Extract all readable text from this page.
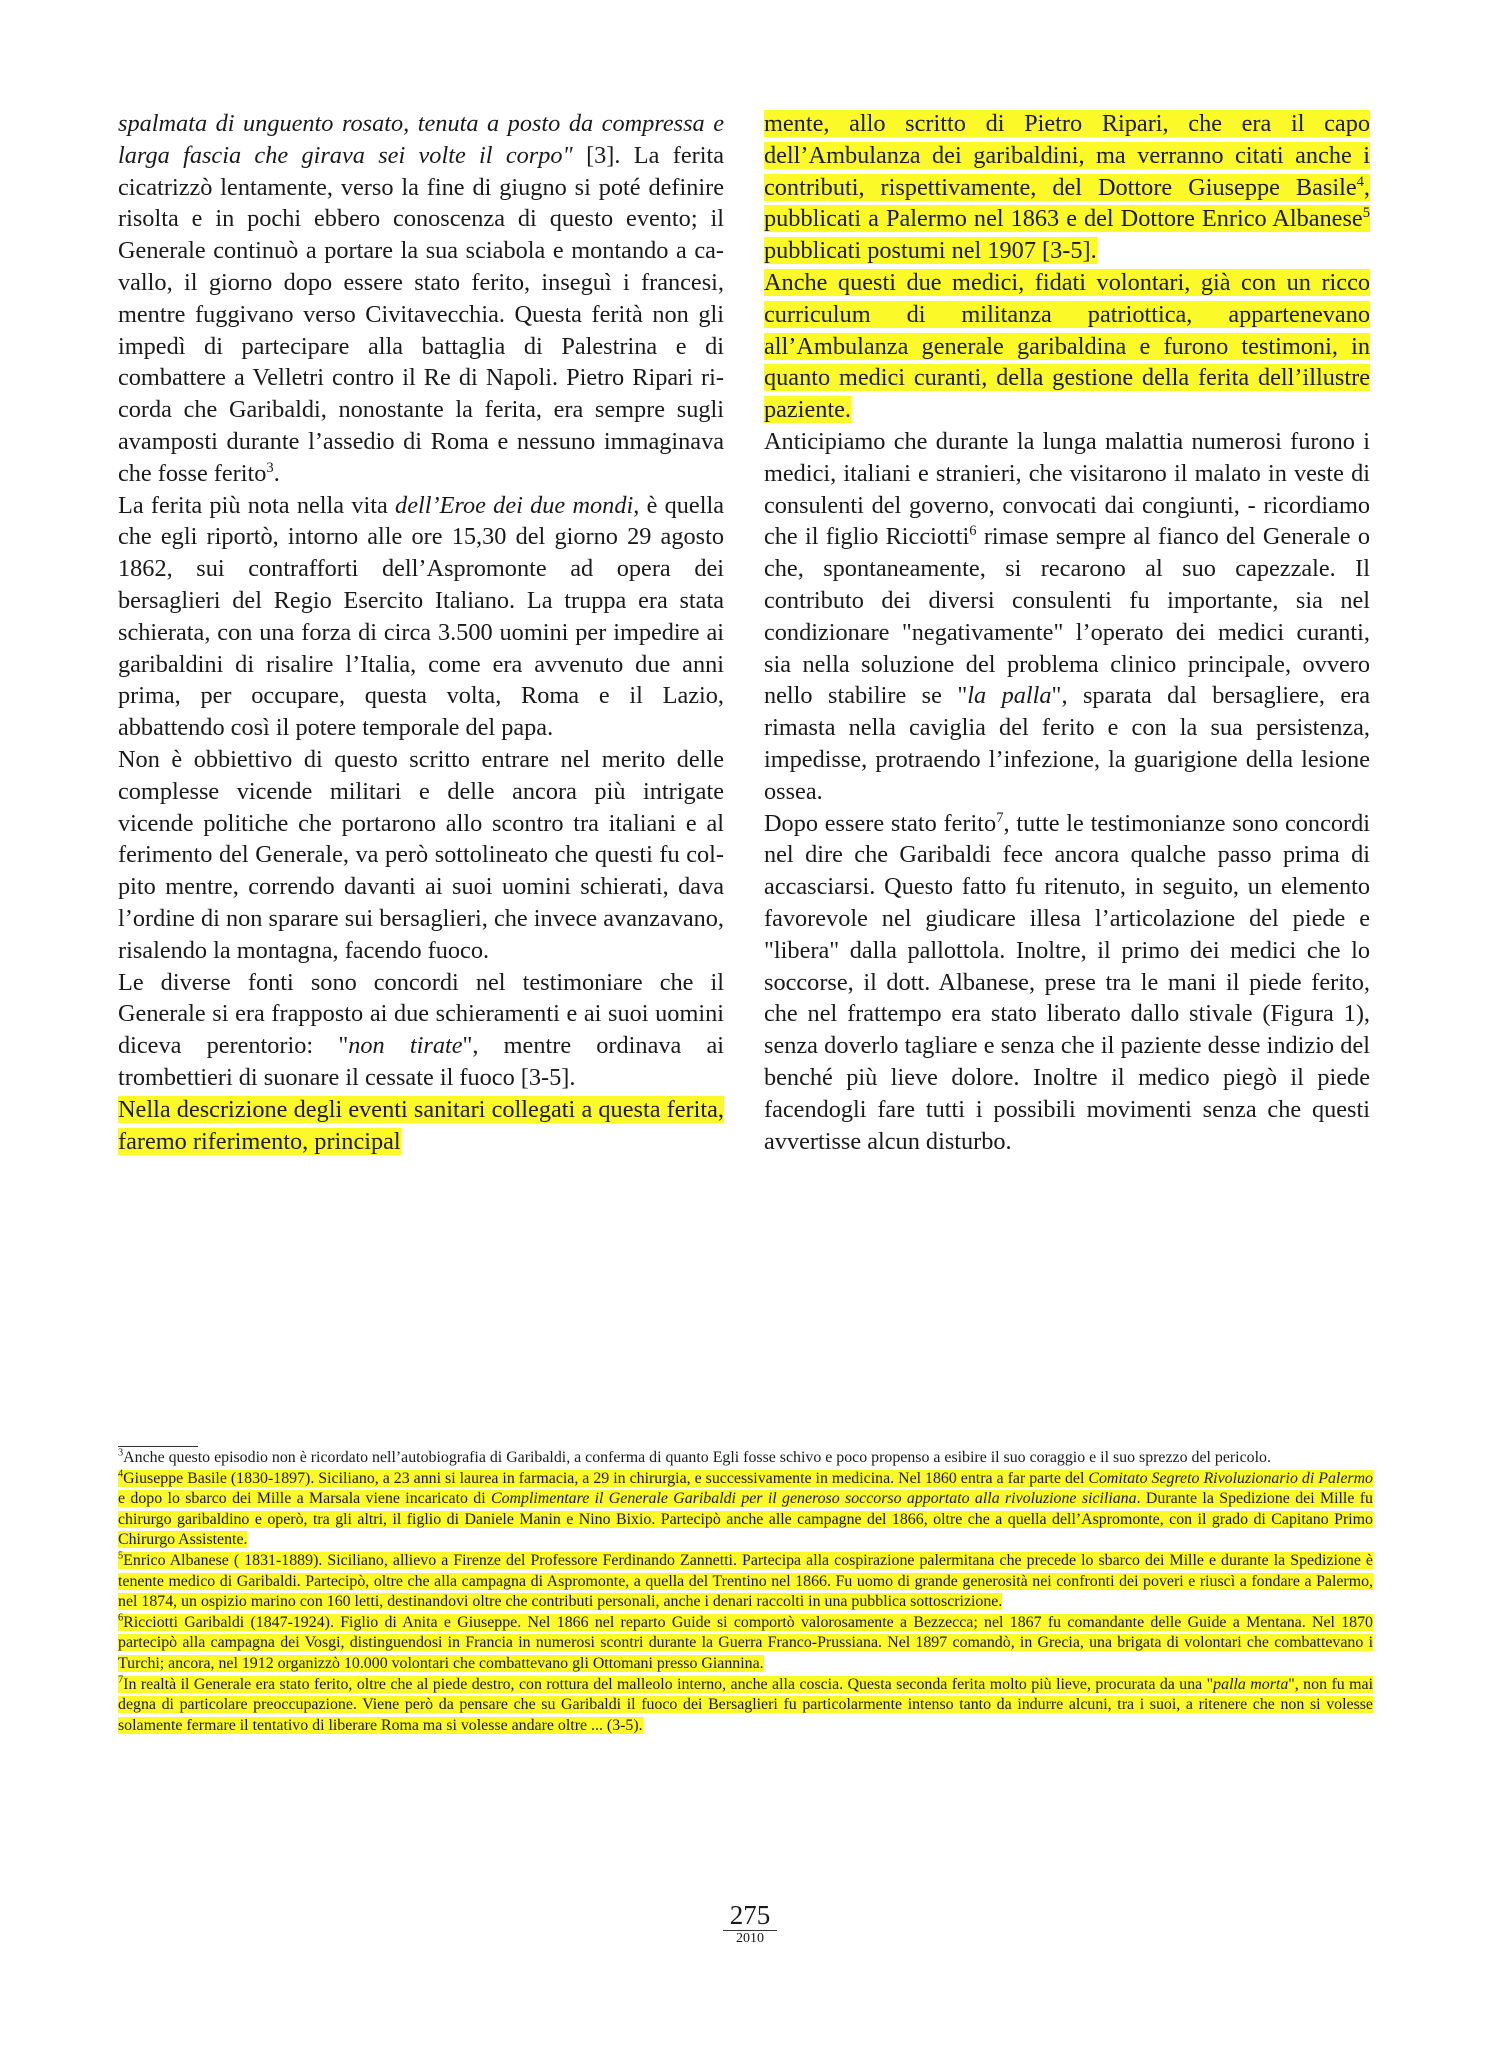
spalmata di unguento rosato, tenuta a posto da compressa e larga fascia che girava sei volte il corpo" [3]. La ferita cicatrizzò lentamente, verso la fine di giugno si poté definire risolta e in pochi ebbero conoscenza di questo evento; il Generale continuò a portare la sua sciabola e montando a cavallo, il giorno dopo essere stato ferito, inseguì i francesi, mentre fuggivano verso Civitavecchia. Questa ferità non gli impedì di partecipare alla battaglia di Palestrina e di combattere a Velletri contro il Re di Napoli. Pietro Ripari ricorda che Garibaldi, nonostante la ferita, era sempre sugli avamposti durante l’assedio di Roma e nessuno immaginava che fosse ferito$^3$.

La ferita più nota nella vita dell’Eroe dei due mondi, è quella che egli riportò, intorno alle ore 15,30 del giorno 29 agosto 1862, sui contrafforti dell’Aspromonte ad opera dei bersaglieri del Regio Esercito Italiano. La truppa era stata schierata, con una forza di circa 3.500 uomini per impedire ai garibaldini di risalire l’Italia, come era avvenuto due anni prima, per occupare, questa volta, Roma e il Lazio, abbattendo così il potere temporale del papa.

Non è obbiettivo di questo scritto entrare nel merito delle complesse vicende militari e delle ancora più intrigate vicende politiche che portarono allo scontro tra italiani e al ferimento del Generale, va però sottolineato che questi fu colpito mentre, correndo davanti ai suoi uomini schierati, dava l’ordine di non sparare sui bersaglieri, che invece avanzavano, risalendo la montagna, facendo fuoco.

Le diverse fonti sono concordi nel testimoniare che il Generale si era frapposto ai due schieramenti e ai suoi uomini diceva perentorio: "non tirate", mentre ordinava ai trombettieri di suonare il cessate il fuoco [3-5].

Nella descrizione degli eventi sanitari collegati a questa ferita, faremo riferimento, principal

mente, allo scritto di Pietro Ripari, che era il capo dell’Ambulanza dei garibaldini, ma verranno citati anche i contributi, rispettivamente, del Dottore Giuseppe Basile$^4$, pubblicati a Palermo nel 1863 e del Dottore Enrico Albanese$^5$ pubblicati postumi nel 1907 [3-5].

Anche questi due medici, fidati volontari, già con un ricco curriculum di militanza patriottica, appartenevano all’Ambulanza generale garibaldina e furono testimoni, in quanto medici curanti, della gestione della ferita dell’illustre paziente.

Anticipiamo che durante la lunga malattia numerosi furono i medici, italiani e stranieri, che visitarono il malato in veste di consulenti del governo, convocati dai congiunti, - ricordiamo che il figlio Ricciotti$^6$ rimase sempre al fianco del Generale o che, spontaneamente, si recarono al suo capezzale. Il contributo dei diversi consulenti fu importante, sia nel condizionare "negativamente" l’operato dei medici curanti, sia nella soluzione del problema clinico principale, ovvero nello stabilire se "la palla", sparata dal bersagliere, era rimasta nella caviglia del ferito e con la sua persistenza, impedisse, protraendo l’infezione, la guarigione della lesione ossea.

Dopo essere stato ferito$^7$, tutte le testimonianze sono concordi nel dire che Garibaldi fece ancora qualche passo prima di accasciarsi. Questo fatto fu ritenuto, in seguito, un elemento favorevole nel giudicare illesa l’articolazione del piede e "libera" dalla pallottola. Inoltre, il primo dei medici che lo soccorse, il dott. Albanese, prese tra le mani il piede ferito, che nel frattempo era stato liberato dallo stivale (Figura 1), senza doverlo tagliare e senza che il paziente desse indizio del benché più lieve dolore. Inoltre il medico piegò il piede facendogli fare tutti i possibili movimenti senza che questi avvertisse alcun disturbo.

$^3$Anche questo episodio non è ricordato nell’autobiografia di Garibaldi, a conferma di quanto Egli fosse schivo e poco propenso a esibire il suo coraggio e il suo sprezzo del pericolo.

$^4$Giuseppe Basile (1830-1897). Siciliano, a 23 anni si laurea in farmacia, a 29 in chirurgia, e successivamente in medicina. Nel 1860 entra a far parte del Comitato Segreto Rivoluzionario di Palermo e dopo lo sbarco dei Mille a Marsala viene incaricato di Complimentare il Generale Garibaldi per il generoso soccorso apportato alla rivoluzione siciliana. Durante la Spedizione dei Mille fu chirurgo garibaldino e operò, tra gli altri, il figlio di Daniele Manin e Nino Bixio. Partecipò anche alle campagne del 1866, oltre che a quella dell’Aspromonte, con il grado di Capitano Primo Chirurgo Assistente.

$^5$Enrico Albanese ( 1831-1889). Siciliano, allievo a Firenze del Professore Ferdinando Zannetti. Partecipa alla cospirazione palermitana che precede lo sbarco dei Mille e durante la Spedizione è tenente medico di Garibaldi. Partecipò, oltre che alla campagna di Aspromonte, a quella del Trentino nel 1866. Fu uomo di grande generosità nei confronti dei poveri e riuscì a fondare a Palermo, nel 1874, un ospizio marino con 160 letti, destinandovi oltre che contributi personali, anche i denari raccolti in una pubblica sottoscrizione.

$^6$Ricciotti Garibaldi (1847-1924). Figlio di Anita e Giuseppe. Nel 1866 nel reparto Guide si comportò valorosamente a Bezzecca; nel 1867 fu comandante delle Guide a Mentana. Nel 1870 partecipò alla campagna dei Vosgi, distinguendosi in Francia in numerosi scontri durante la Guerra Franco-Prussiana. Nel 1897 comandò, in Grecia, una brigata di volontari che combattevano i Turchi; ancora, nel 1912 organizzò 10.000 volontari che combattevano gli Ottomani presso Giannina.

$^7$In realtà il Generale era stato ferito, oltre che al piede destro, con rottura del malleolo interno, anche alla coscia. Questa seconda ferita molto più lieve, procurata da una "palla morta", non fu mai degna di particolare preoccupazione. Viene però da pensare che su Garibaldi il fuoco dei Bersaglieri fu particolarmente intenso tanto da indurre alcuni, tra i suoi, a ritenere che non si volesse solamente fermare il tentativo di liberare Roma ma si volesse andare oltre ... (3-5).

275
2010
